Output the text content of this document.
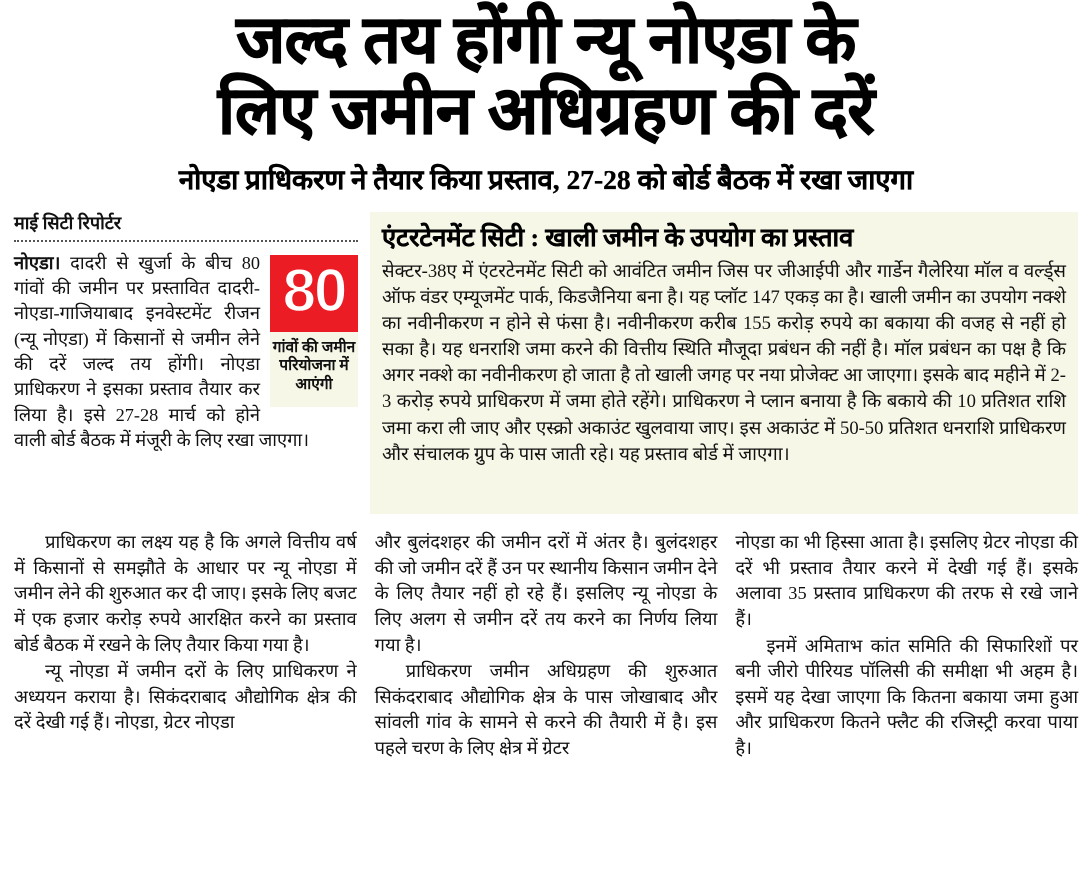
जल्द तय होंगी न्यू नोएडा के
लिए जमीन अधिग्रहण की दरें
नोएडा प्राधिकरण ने तैयार किया प्रस्ताव, 27-28 को बोर्ड बैठक में रखा जाएगा
माई सिटी रिपोर्टर
80
गांवों की जमीन परियोजना में आएंगी

नोएडा। दादरी से खुर्जा के बीच 80 गांवों की जमीन पर प्रस्तावित दादरी-नोएडा-गाजियाबाद इनवेस्टमेंट रीजन (न्यू नोएडा) में किसानों से जमीन लेने की दरें जल्द तय होंगी। नोएडा प्राधिकरण ने इसका प्रस्ताव तैयार कर लिया है। इसे 27-28 मार्च को होने वाली बोर्ड बैठक में मंजूरी के लिए रखा जाएगा।

एंटरटेनमेंट सिटी : खाली जमीन के उपयोग का प्रस्ताव

सेक्टर-38ए में एंटरटेनमेंट सिटी को आवंटित जमीन जिस पर जीआईपी और गार्डेन गैलेरिया मॉल व वर्ल्ड्स ऑफ वंडर एम्यूजमेंट पार्क, किडजैनिया बना है। यह प्लॉट 147 एकड़ का है। खाली जमीन का उपयोग नक्शे का नवीनीकरण न होने से फंसा है। नवीनीकरण करीब 155 करोड़ रुपये का बकाया की वजह से नहीं हो सका है। यह धनराशि जमा करने की वित्तीय स्थिति मौजूदा प्रबंधन की नहीं है। मॉल प्रबंधन का पक्ष है कि अगर नक्शे का नवीनीकरण हो जाता है तो खाली जगह पर नया प्रोजेक्ट आ जाएगा। इसके बाद महीने में 2-3 करोड़ रुपये प्राधिकरण में जमा होते रहेंगे। प्राधिकरण ने प्लान बनाया है कि बकाये की 10 प्रतिशत राशि जमा करा ली जाए और एस्क्रो अकाउंट खुलवाया जाए। इस अकाउंट में 50-50 प्रतिशत धनराशि प्राधिकरण और संचालक ग्रुप के पास जाती रहे। यह प्रस्ताव बोर्ड में जाएगा।

प्राधिकरण का लक्ष्य यह है कि अगले वित्तीय वर्ष में किसानों से समझौते के आधार पर न्यू नोएडा में जमीन लेने की शुरुआत कर दी जाए। इसके लिए बजट में एक हजार करोड़ रुपये आरक्षित करने का प्रस्ताव बोर्ड बैठक में रखने के लिए तैयार किया गया है।

न्यू नोएडा में जमीन दरों के लिए प्राधिकरण ने अध्ययन कराया है। सिकंदराबाद औद्योगिक क्षेत्र की दरें देखी गई हैं। नोएडा, ग्रेटर नोएडा

और बुलंदशहर की जमीन दरों में अंतर है। बुलंदशहर की जो जमीन दरें हैं उन पर स्थानीय किसान जमीन देने के लिए तैयार नहीं हो रहे हैं। इसलिए न्यू नोएडा के लिए अलग से जमीन दरें तय करने का निर्णय लिया गया है।

प्राधिकरण जमीन अधिग्रहण की शुरुआत सिकंदराबाद औद्योगिक क्षेत्र के पास जोखाबाद और सांवली गांव के सामने से करने की तैयारी में है। इस पहले चरण के लिए क्षेत्र में ग्रेटर

नोएडा का भी हिस्सा आता है। इसलिए ग्रेटर नोएडा की दरें भी प्रस्ताव तैयार करने में देखी गई हैं। इसके अलावा 35 प्रस्ताव प्राधिकरण की तरफ से रखे जाने हैं।

इनमें अमिताभ कांत समिति की सिफारिशों पर बनी जीरो पीरियड पॉलिसी की समीक्षा भी अहम है। इसमें यह देखा जाएगा कि कितना बकाया जमा हुआ और प्राधिकरण कितने फ्लैट की रजिस्ट्री करवा पाया है।
